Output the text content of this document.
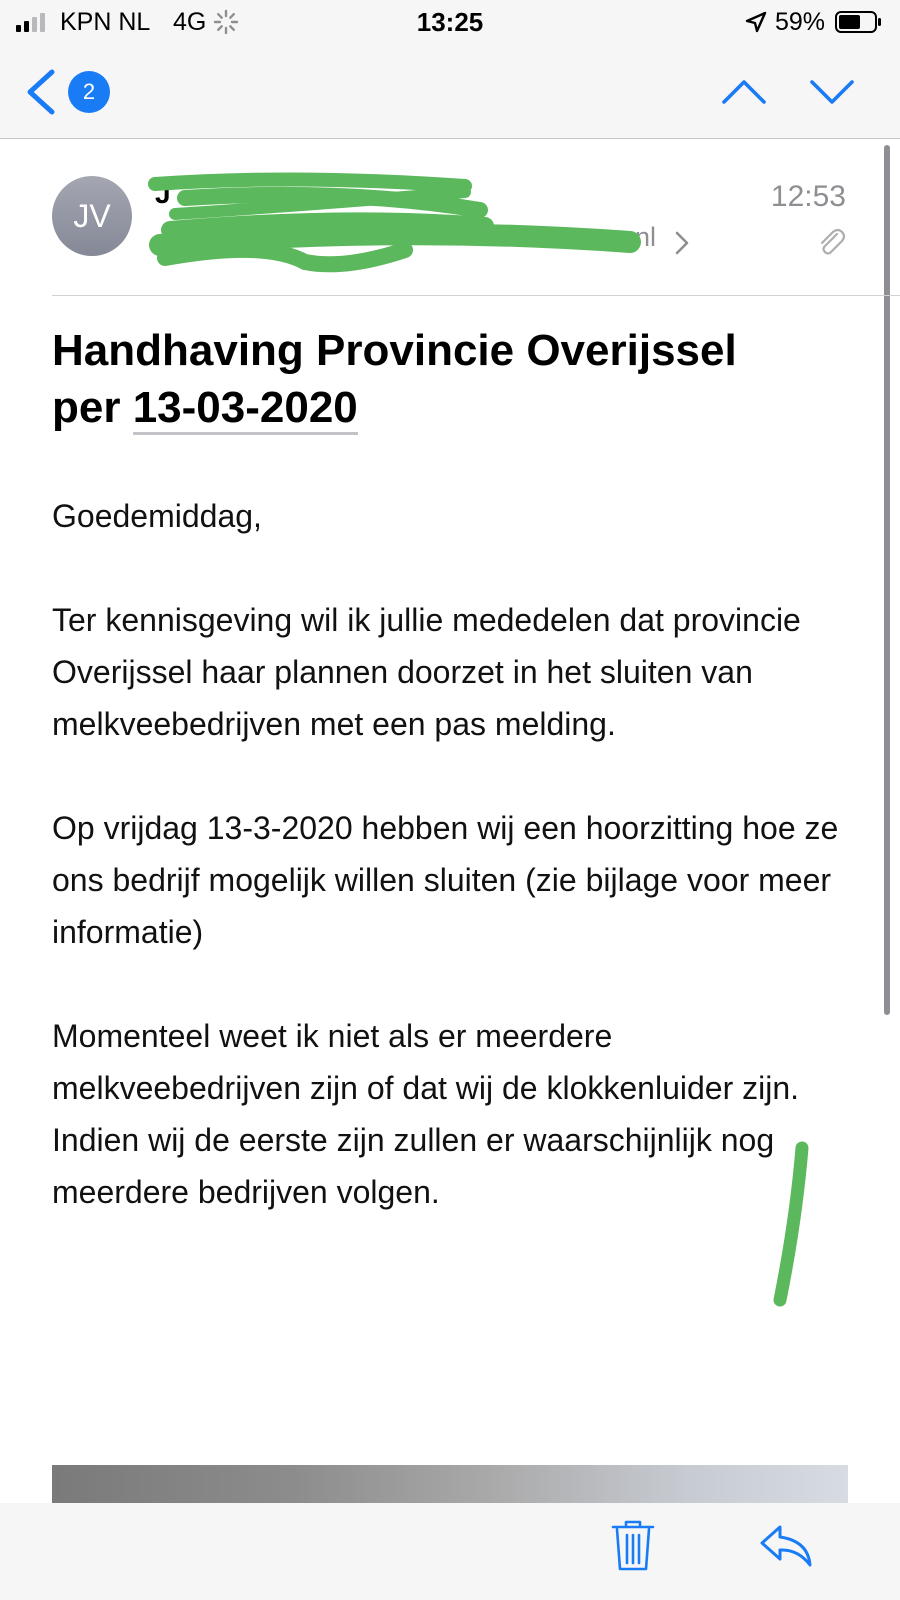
KPN NL 4G	13:25	59%
2
JV
J
nl
12:53
Handhaving Provincie Overijssel
per 13-03-2020

Goedemiddag,

Ter kennisgeving wil ik jullie mededelen dat provincie Overijssel haar plannen doorzet in het sluiten van melkveebedrijven met een pas melding.

Op vrijdag 13-3-2020 hebben wij een hoorzitting hoe ze ons bedrijf mogelijk willen sluiten (zie bijlage voor meer informatie)

Momenteel weet ik niet als er meerdere melkveebedrijven zijn of dat wij de klokkenluider zijn. Indien wij de eerste zijn zullen er waarschijnlijk nog meerdere bedrijven volgen.
